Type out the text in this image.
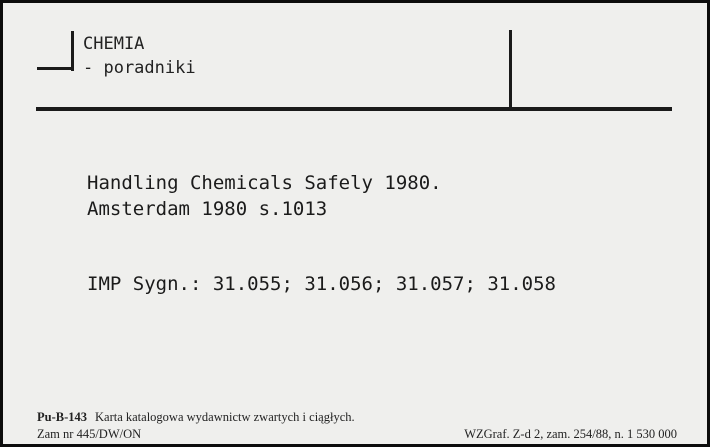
CHEMIA
- poradniki
Handling Chemicals Safely 1980.
Amsterdam 1980 s.1013
IMP Sygn.: 31.055; 31.056; 31.057; 31.058
Pu-B-143 Karta katalogowa wydawnictw zwartych i ciągłych.
Zam nr 445/DW/ON	WZGraf. Z-d 2, zam. 254/88, n. 1 530 000
